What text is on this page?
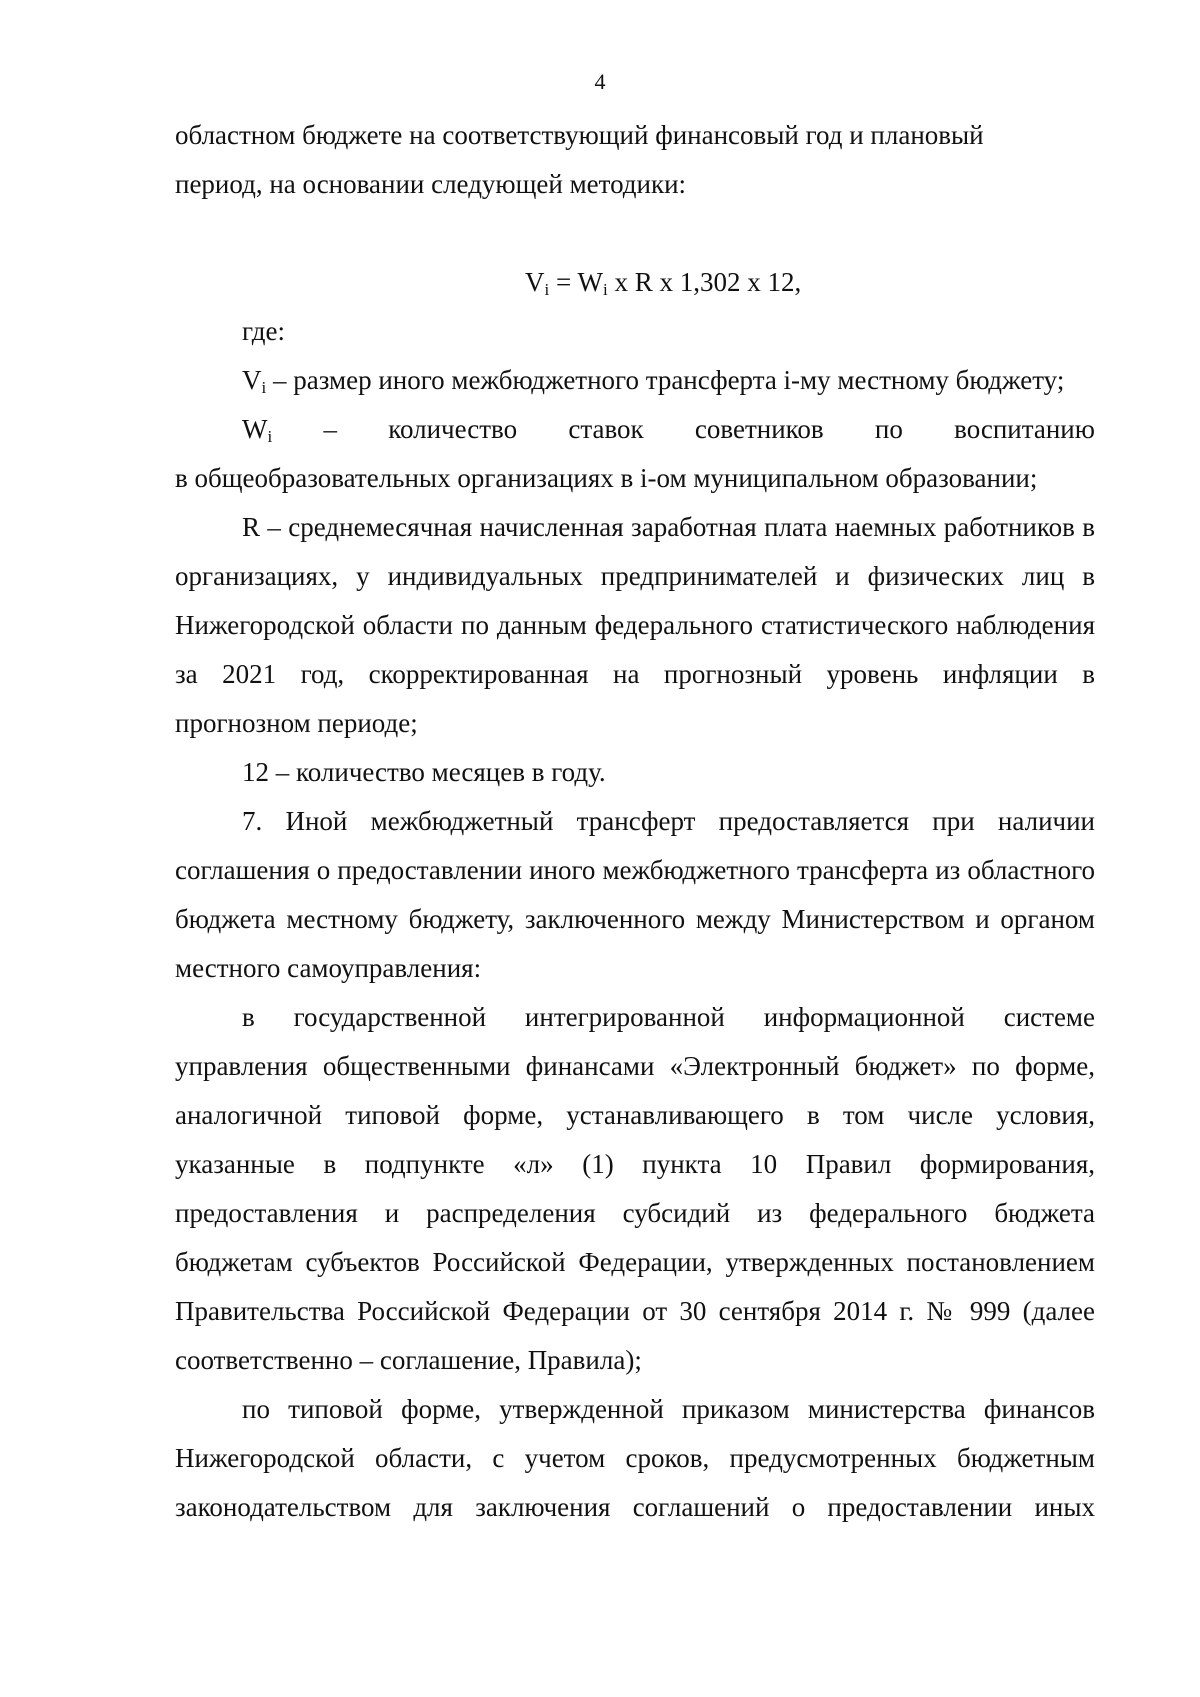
4

областном бюджете на соответствующий финансовый год и плановый
период, на основании следующей методики:

$V_i = W_i$ x R x 1,302 x 12,

где:

$V_i$ – размер иного межбюджетного трансферта i-му местному бюджету;

$W_i$ – количество ставок советников по воспитанию

в общеобразовательных организациях в i-ом муниципальном образовании;

R – среднемесячная начисленная заработная плата наемных работников в организациях, у индивидуальных предпринимателей и физических лиц в Нижегородской области по данным федерального статистического наблюдения за 2021 год, скорректированная на прогнозный уровень инфляции в прогнозном периоде;

12 – количество месяцев в году.

7. Иной межбюджетный трансферт предоставляется при наличии соглашения о предоставлении иного межбюджетного трансферта из областного бюджета местному бюджету, заключенного между Министерством и органом местного самоуправления:

в государственной интегрированной информационной системе управления общественными финансами «Электронный бюджет» по форме, аналогичной типовой форме, устанавливающего в том числе условия, указанные в подпункте «л» (1) пункта 10 Правил формирования, предоставления и распределения субсидий из федерального бюджета бюджетам субъектов Российской Федерации, утвержденных постановлением Правительства Российской Федерации от 30 сентября 2014 г. № 999 (далее соответственно – соглашение, Правила);

по типовой форме, утвержденной приказом министерства финансов Нижегородской области, с учетом сроков, предусмотренных бюджетным законодательством для заключения соглашений о предоставлении иных
